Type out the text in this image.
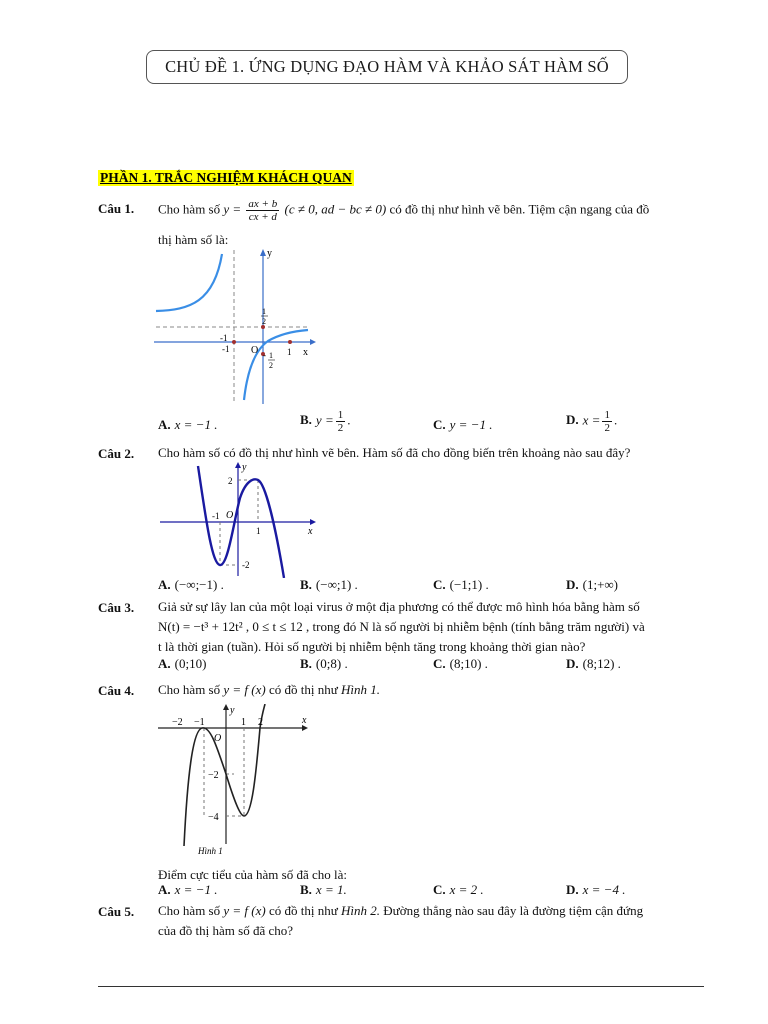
CHỦ ĐỀ 1. ỨNG DỤNG ĐẠO HÀM VÀ KHẢO SÁT HÀM SỐ
PHẦN 1. TRẮC NGHIỆM KHÁCH QUAN
Câu 1. Cho hàm số $y = \frac{ax + b}{cx + d} (c \ne 0$, ad − bc ≠ 0) có đồ thị như hình vẽ bên. Tiệm cận ngang của đồ
thị hàm số là:
y
x
O
-1
-1
1
1
2
- 1
2
A. x = −1 .	B. $y = \frac{1}{2}$ .	C. y = −1 .	D. $x = \frac{1}{2}$ .
Câu 2. Cho hàm số có đồ thị như hình vẽ bên. Hàm số đã cho đồng biến trên khoảng nào sau đây?
y
x
O
-1
1
2
-2
A. (−∞;−1) .	B. (−∞;1) .	C. (−1;1) .	D. (1;+∞)
Câu 3. Giả sử sự lây lan của một loại virus ở một địa phương có thể được mô hình hóa bằng hàm số
N(t) = −t³ + 12t² , 0 ≤ t ≤ 12 , trong đó N là số người bị nhiễm bệnh (tính bằng trăm người) và
t là thời gian (tuần). Hỏi số người bị nhiễm bệnh tăng trong khoảng thời gian nào?
A. (0;10)	B. (0;8) .	C. (8;10) .	D. (8;12) .
Câu 4. Cho hàm số y = f (x) có đồ thị như Hình 1.
y
x
O
−2 −1	1 2
−2
−4
Hình 1
Điểm cực tiểu của hàm số đã cho là:
A. x = −1 .	B. x = 1.	C. x = 2 .	D. x = −4 .
Câu 5. Cho hàm số y = f (x) có đồ thị như Hình 2. Đường thẳng nào sau đây là đường tiệm cận đứng
của đồ thị hàm số đã cho?
